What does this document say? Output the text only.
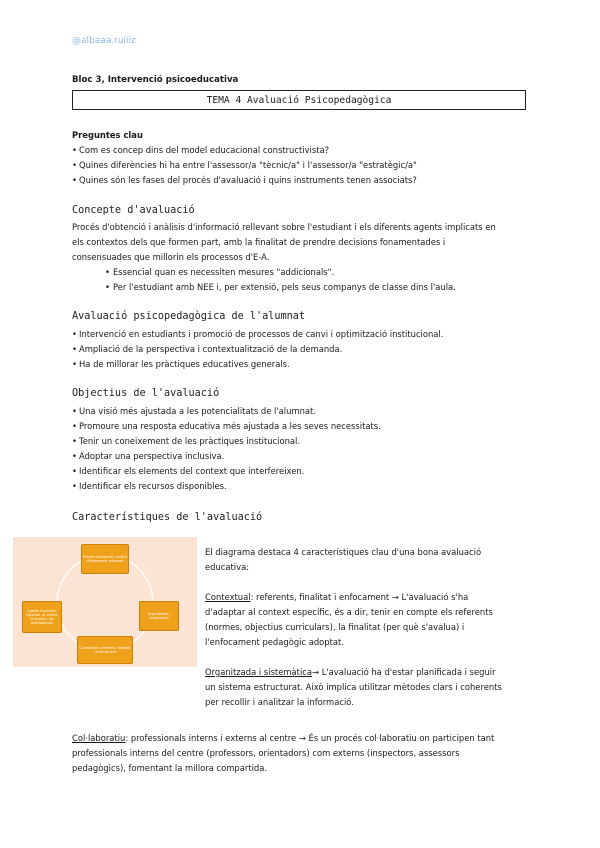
@albaaa.ruiiiz
Bloc 3, Intervenció psicoeducativa
TEMA 4 Avaluació Psicopedagògica
Preguntes clau
• Com es concep dins del model educacional constructivista?
• Quines diferències hi ha entre l'assessor/a "tècnic/a" i l'assessor/a "estratègic/a"
• Quines són les fases del procés d'avaluació i quins instruments tenen associats?
Concepte d'avaluació

Procés d'obtenció i anàlisis d'informació rellevant sobre l'estudiant i els diferents agents implicats en

els contextos dels que formen part, amb la finalitat de prendre decisions fonamentades i

consensuades que millorin els processos d'E-A.

• Essencial quan es necessiten mesures "addicionals".
• Per l'estudiant amb NEE i, per extensió, pels seus companys de classe dins l'aula.
Avaluació psicopedagògica de l'alumnat
• Intervenció en estudiants i promoció de processos de canvi i optimització institucional.
• Ampliació de la perspectiva i contextualització de la demanda.
• Ha de millorar les pràctiques educatives generals.
Objectius de l'avaluació
• Una visió més ajustada a les potencialitats de l'alumnat.
• Promoure una resposta educativa més ajustada a les seves necessitats.
• Tenir un coneixement de les pràctiques institucional.
• Adoptar una perspectiva inclusiva.
• Identificar els elements del context que interfereixen.
• Identificar els recursos disponibles.
Característiques de l'avaluació
Procés d'obtenció i anàlisi d'informació rellevant
Organitzada i sistemàtica
Contextual: referents, finalitat i enfocament
Agents implicats: l'alumne, el centre, la família i els professionals

El diagrama destaca 4 característiques clau d'una bona avaluació

educativa:

Contextual: referents, finalitat i enfocament → L'avaluació s'ha

d'adaptar al context específic, és a dir, tenir en compte els referents

(normes, objectius curriculars), la finalitat (per què s'avalua) i

l'enfocament pedagògic adoptat.

Organitzada i sistemàtica→ L'avaluació ha d'estar planificada i seguir

un sistema estructurat. Això implica utilitzar mètodes clars i coherents

per recollir i analitzar la informació.

Col·laboratiu: professionals interns i externs al centre → És un procés col·laboratiu on participen tant

professionals interns del centre (professors, orientadors) com externs (inspectors, assessors

pedagògics), fomentant la millora compartida.
